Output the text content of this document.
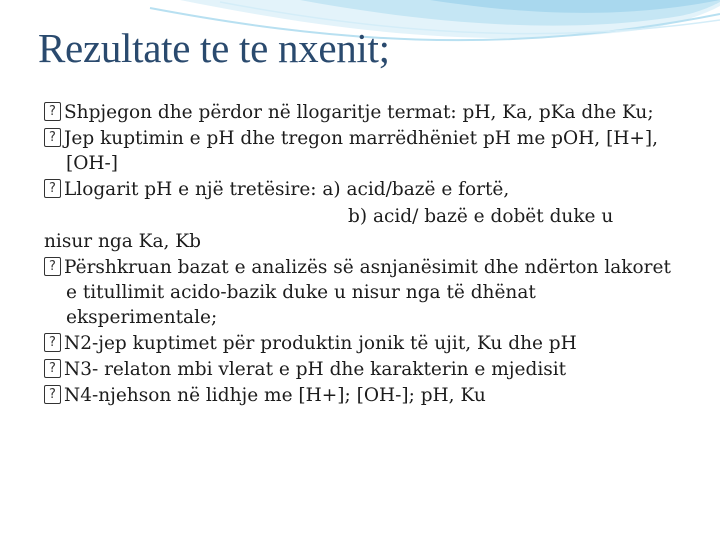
Rezultate te te nxenit;

?Shpjegon dhe përdor në llogaritje termat: pH, Ka, pKa dhe Ku;

?Jep kuptimin e pH dhe tregon marrëdhëniet pH me pOH, [H+], [OH-]

?Llogarit pH e një tretësire: a) acid/bazë e fortë,

b) acid/ bazë e dobët duke u

nisur nga Ka, Kb

?Përshkruan bazat e analizës së asnjanësimit dhe ndërton lakoret e titullimit acido-bazik duke u nisur nga të dhënat eksperimentale;

?N2-jep kuptimet për produktin jonik të ujit, Ku dhe pH

?N3- relaton mbi vlerat e pH dhe karakterin e mjedisit

?N4-njehson në lidhje me [H+]; [OH-]; pH, Ku
